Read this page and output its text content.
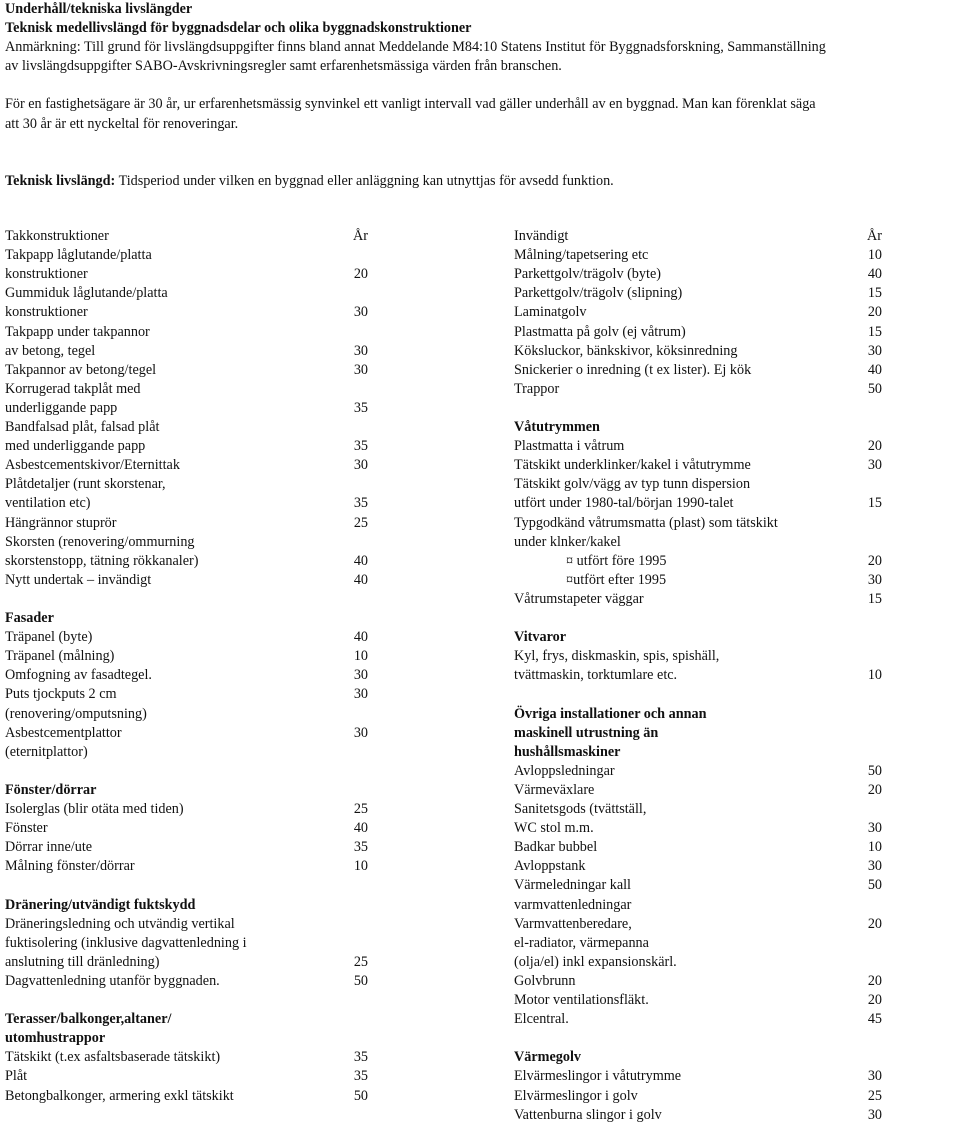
Underhåll/tekniska livslängder
Teknisk medellivslängd för byggnadsdelar och olika byggnadskonstruktioner
Anmärkning: Till grund för livslängdsuppgifter finns bland annat Meddelande M84:10 Statens Institut för Byggnadsforskning, Sammanställning
av livslängdsuppgifter SABO-Avskrivningsregler samt erfarenhetsmässiga värden från branschen.
För en fastighetsägare är 30 år, ur erfarenhetsmässig synvinkel ett vanligt intervall vad gäller underhåll av en byggnad. Man kan förenklat säga
att 30 år är ett nyckeltal för renoveringar.
Teknisk livslängd: Tidsperiod under vilken en byggnad eller anläggning kan utnyttjas för avsedd funktion.
Takkonstruktioner	År
Takpapp låglutande/platta
konstruktioner	20
Gummiduk låglutande/platta
konstruktioner	30
Takpapp under takpannor
av betong, tegel	30
Takpannor av betong/tegel	30
Korrugerad takplåt med
underliggande papp	35
Bandfalsad plåt, falsad plåt
med underliggande papp	35
Asbestcementskivor/Eternittak	30
Plåtdetaljer (runt skorstenar,
ventilation etc)	35
Hängrännor stuprör	25
Skorsten (renovering/ommurning
skorstenstopp, tätning rökkanaler)	40
Nytt undertak – invändigt	40
Fasader
Träpanel (byte)	40
Träpanel (målning)	10
Omfogning av fasadtegel.	30
Puts tjockputs 2 cm	30
(renovering/omputsning)
Asbestcementplattor	30
(eternitplattor)
Fönster/dörrar
Isolerglas (blir otäta med tiden)	25
Fönster	40
Dörrar inne/ute	35
Målning fönster/dörrar	10
Dränering/utvändigt fuktskydd
Dräneringsledning och utvändig vertikal
fuktisolering (inklusive dagvattenledning i
anslutning till dränledning)	25
Dagvattenledning utanför byggnaden.	50
Terasser/balkonger,altaner/
utomhustrappor
Tätskikt (t.ex asfaltsbaserade tätskikt)	35
Plåt	35
Betongbalkonger, armering exkl tätskikt	50
Invändigt	År
Målning/tapetsering etc	10
Parkettgolv/trägolv (byte)	40
Parkettgolv/trägolv (slipning)	15
Laminatgolv	20
Plastmatta på golv (ej våtrum)	15
Köksluckor, bänkskivor, köksinredning	30
Snickerier o inredning (t ex lister). Ej kök	40
Trappor	50
Våtutrymmen
Plastmatta i våtrum	20
Tätskikt underklinker/kakel i våtutrymme	30
Tätskikt golv/vägg av typ tunn dispersion
utfört under 1980-tal/början 1990-talet	15
Typgodkänd våtrumsmatta (plast) som tätskikt
under klnker/kakel
¤ utfört före 1995	20
¤utfört efter 1995	30
Våtrumstapeter väggar	15
Vitvaror
Kyl, frys, diskmaskin, spis, spishäll,
tvättmaskin, torktumlare etc.	10
Övriga installationer och annan
maskinell utrustning än
hushållsmaskiner
Avloppsledningar	50
Värmeväxlare	20
Sanitetsgods (tvättställ,
WC stol m.m.	30
Badkar bubbel	10
Avloppstank	30
Värmeledningar kall	50
varmvattenledningar
Varmvattenberedare,	20
el-radiator, värmepanna
(olja/el) inkl expansionskärl.
Golvbrunn	20
Motor ventilationsfläkt.	20
Elcentral.	45
Värmegolv
Elvärmeslingor i våtutrymme	30
Elvärmeslingor i golv	25
Vattenburna slingor i golv	30
